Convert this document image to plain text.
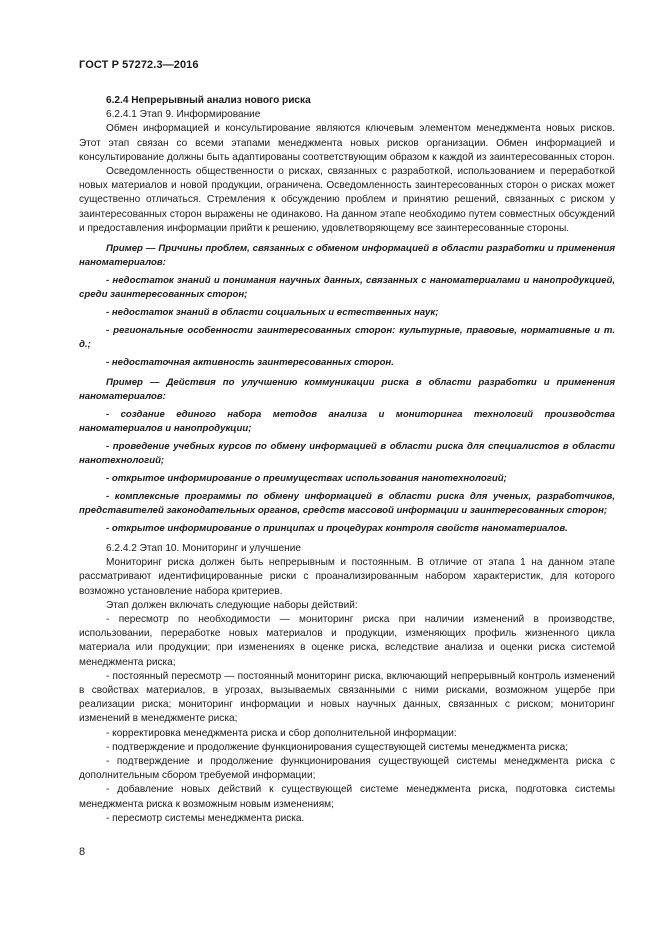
ГОСТ Р 57272.3—2016

6.2.4 Непрерывный анализ нового риска

6.2.4.1 Этап 9. Информирование

Обмен информацией и консультирование являются ключевым элементом менеджмента новых рисков. Этот этап связан со всеми этапами менеджмента новых рисков организации. Обмен информацией и консультирование должны быть адаптированы соответствующим образом к каждой из заинтересованных сторон.

Осведомленность общественности о рисках, связанных с разработкой, использованием и переработкой новых материалов и новой продукции, ограничена. Осведомленность заинтересованных сторон о рисках может существенно отличаться. Стремления к обсуждению проблем и принятию решений, связанных с риском у заинтересованных сторон выражены не одинаково. На данном этапе необходимо путем совместных обсуждений и предоставления информации прийти к решению, удовлетворяющему все заинтересованные стороны.

Пример — Причины проблем, связанных с обменом информацией в области разработки и применения наноматериалов:

- недостаток знаний и понимания научных данных, связанных с наноматериалами и нанопродукцией, среди заинтересованных сторон;

- недостаток знаний в области социальных и естественных наук;

- региональные особенности заинтересованных сторон: культурные, правовые, нормативные и т. д.;

- недостаточная активность заинтересованных сторон.

Пример — Действия по улучшению коммуникации риска в области разработки и применения наноматериалов:

- создание единого набора методов анализа и мониторинга технологий производства наноматериалов и нанопродукции;

- проведение учебных курсов по обмену информацией в области риска для специалистов в области нанотехнологий;

- открытое информирование о преимуществах использования нанотехнологий;

- комплексные программы по обмену информацией в области риска для ученых, разработчиков, представителей законодательных органов, средств массовой информации и заинтересованных сторон;

- открытое информирование о принципах и процедурах контроля свойств наноматериалов.

6.2.4.2 Этап 10. Мониторинг и улучшение

Мониторинг риска должен быть непрерывным и постоянным. В отличие от этапа 1 на данном этапе рассматривают идентифицированные риски с проанализированным набором характеристик, для которого возможно установление набора критериев.

Этап должен включать следующие наборы действий:

- пересмотр по необходимости — мониторинг риска при наличии изменений в производстве, использовании, переработке новых материалов и продукции, изменяющих профиль жизненного цикла материала или продукции; при изменениях в оценке риска, вследствие анализа и оценки риска системой менеджмента риска;

- постоянный пересмотр — постоянный мониторинг риска, включающий непрерывный контроль изменений в свойствах материалов, в угрозах, вызываемых связанными с ними рисками, возможном ущербе при реализации риска; мониторинг информации и новых научных данных, связанных с риском; мониторинг изменений в менеджменте риска;

- корректировка менеджмента риска и сбор дополнительной информации:

- подтверждение и продолжение функционирования существующей системы менеджмента риска;

- подтверждение и продолжение функционирования существующей системы менеджмента риска с дополнительным сбором требуемой информации;

- добавление новых действий к существующей системе менеджмента риска, подготовка системы менеджмента риска к возможным новым изменениям;

- пересмотр системы менеджмента риска.

8
